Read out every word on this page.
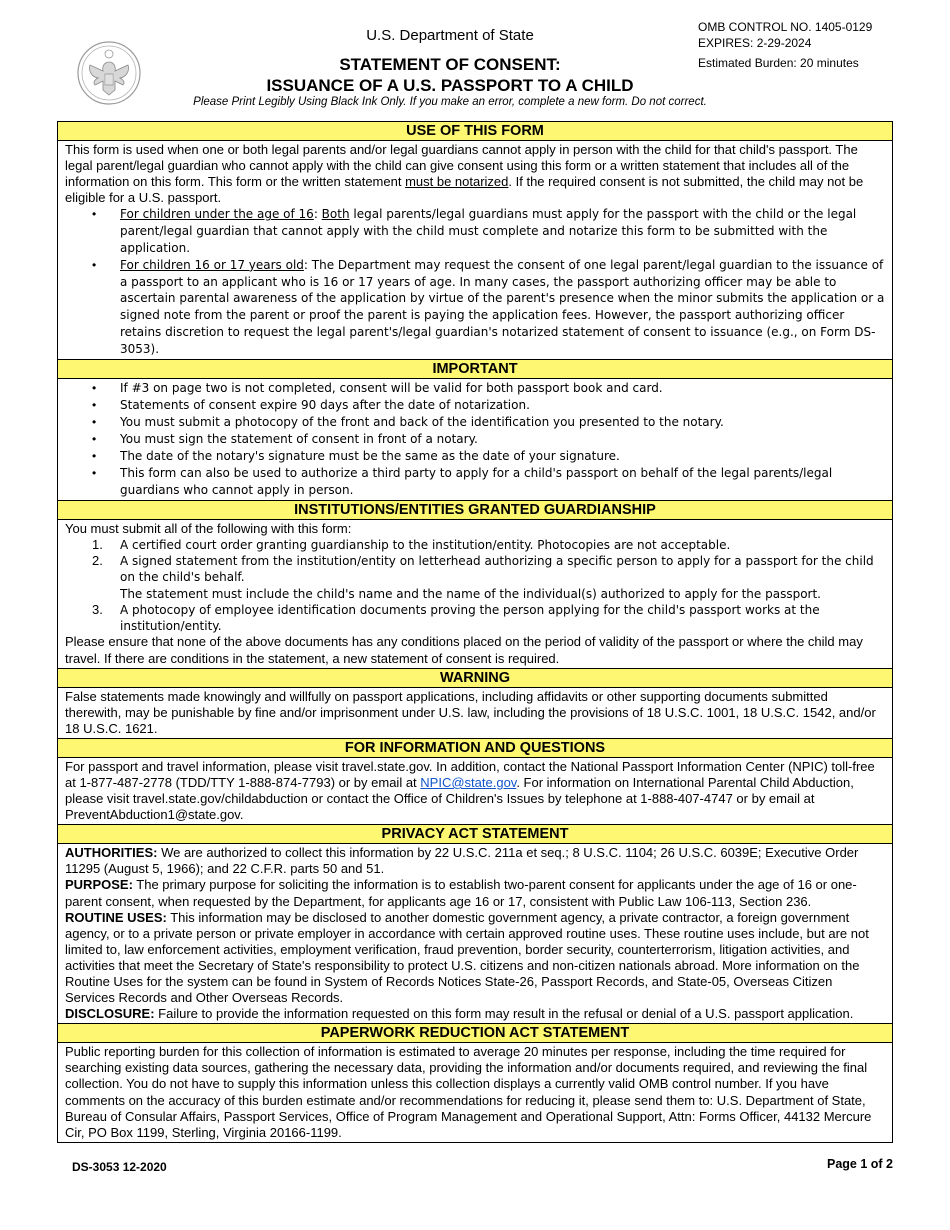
U.S. Department of State
STATEMENT OF CONSENT:
ISSUANCE OF A U.S. PASSPORT TO A CHILD
Please Print Legibly Using Black Ink Only. If you make an error, complete a new form. Do not correct.
OMB CONTROL NO. 1405-0129
EXPIRES: 2-29-2024
Estimated Burden: 20 minutes
USE OF THIS FORM

This form is used when one or both legal parents and/or legal guardians cannot apply in person with the child for that child's passport. The legal parent/legal guardian who cannot apply with the child can give consent using this form or a written statement that includes all of the information on this form. This form or the written statement must be notarized. If the required consent is not submitted, the child may not be eligible for a U.S. passport.

• For children under the age of 16: Both legal parents/legal guardians must apply for the passport with the child or the legal parent/legal guardian that cannot apply with the child must complete and notarize this form to be submitted with the application.
• For children 16 or 17 years old: The Department may request the consent of one legal parent/legal guardian to the issuance of a passport to an applicant who is 16 or 17 years of age. In many cases, the passport authorizing officer may be able to ascertain parental awareness of the application by virtue of the parent's presence when the minor submits the application or a signed note from the parent or proof the parent is paying the application fees. However, the passport authorizing officer retains discretion to request the legal parent's/legal guardian's notarized statement of consent to issuance (e.g., on Form DS-3053).
IMPORTANT
• If #3 on page two is not completed, consent will be valid for both passport book and card.
• Statements of consent expire 90 days after the date of notarization.
• You must submit a photocopy of the front and back of the identification you presented to the notary.
• You must sign the statement of consent in front of a notary.
• The date of the notary's signature must be the same as the date of your signature.
• This form can also be used to authorize a third party to apply for a child's passport on behalf of the legal parents/legal guardians who cannot apply in person.
INSTITUTIONS/ENTITIES GRANTED GUARDIANSHIP

You must submit all of the following with this form:

1. A certified court order granting guardianship to the institution/entity. Photocopies are not acceptable.
2. A signed statement from the institution/entity on letterhead authorizing a specific person to apply for a passport for the child on the child's behalf.
The statement must include the child's name and the name of the individual(s) authorized to apply for the passport.
3. A photocopy of employee identification documents proving the person applying for the child's passport works at the institution/entity.

Please ensure that none of the above documents has any conditions placed on the period of validity of the passport or where the child may travel. If there are conditions in the statement, a new statement of consent is required.

WARNING

False statements made knowingly and willfully on passport applications, including affidavits or other supporting documents submitted therewith, may be punishable by fine and/or imprisonment under U.S. law, including the provisions of 18 U.S.C. 1001, 18 U.S.C. 1542, and/or 18 U.S.C. 1621.

FOR INFORMATION AND QUESTIONS

For passport and travel information, please visit travel.state.gov. In addition, contact the National Passport Information Center (NPIC) toll-free at 1-877-487-2778 (TDD/TTY 1-888-874-7793) or by email at NPIC@state.gov. For information on International Parental Child Abduction, please visit travel.state.gov/childabduction or contact the Office of Children's Issues by telephone at 1-888-407-4747 or by email at PreventAbduction1@state.gov.

PRIVACY ACT STATEMENT

AUTHORITIES: We are authorized to collect this information by 22 U.S.C. 211a et seq.; 8 U.S.C. 1104; 26 U.S.C. 6039E; Executive Order 11295 (August 5, 1966); and 22 C.F.R. parts 50 and 51.

PURPOSE: The primary purpose for soliciting the information is to establish two-parent consent for applicants under the age of 16 or one-parent consent, when requested by the Department, for applicants age 16 or 17, consistent with Public Law 106-113, Section 236.

ROUTINE USES: This information may be disclosed to another domestic government agency, a private contractor, a foreign government agency, or to a private person or private employer in accordance with certain approved routine uses. These routine uses include, but are not limited to, law enforcement activities, employment verification, fraud prevention, border security, counterterrorism, litigation activities, and activities that meet the Secretary of State's responsibility to protect U.S. citizens and non-citizen nationals abroad. More information on the Routine Uses for the system can be found in System of Records Notices State-26, Passport Records, and State-05, Overseas Citizen Services Records and Other Overseas Records.

DISCLOSURE: Failure to provide the information requested on this form may result in the refusal or denial of a U.S. passport application.

PAPERWORK REDUCTION ACT STATEMENT

Public reporting burden for this collection of information is estimated to average 20 minutes per response, including the time required for searching existing data sources, gathering the necessary data, providing the information and/or documents required, and reviewing the final collection. You do not have to supply this information unless this collection displays a currently valid OMB control number. If you have comments on the accuracy of this burden estimate and/or recommendations for reducing it, please send them to: U.S. Department of State, Bureau of Consular Affairs, Passport Services, Office of Program Management and Operational Support, Attn: Forms Officer, 44132 Mercure Cir, PO Box 1199, Sterling, Virginia 20166-1199.

DS-3053 12-2020	Page 1 of 2
